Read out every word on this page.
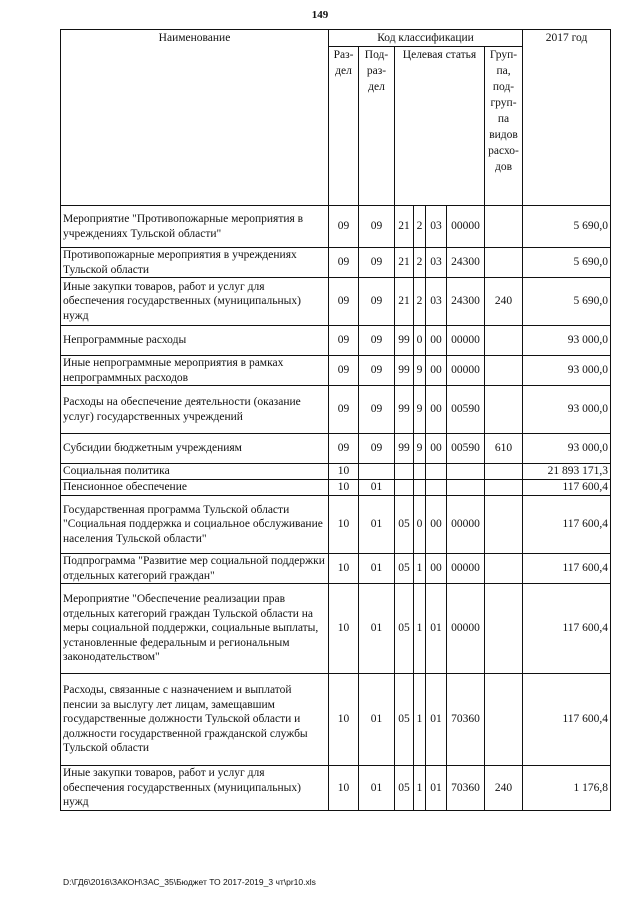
149
Наименование	Код классификации							2017 год
	Раз-дел	Под-раз-дел	Целевая статья				Груп-па, под-груп-па видов расхо-дов	
Мероприятие "Противопожарные мероприятия в учреждениях Тульской области"	09	09	21	2	03	00000		5 690,0
Противопожарные мероприятия в учреждениях Тульской области	09	09	21	2	03	24300		5 690,0
Иные закупки товаров, работ и услуг для обеспечения государственных (муниципальных) нужд	09	09	21	2	03	24300	240	5 690,0
Непрограммные расходы	09	09	99	0	00	00000		93 000,0
Иные непрограммные мероприятия в рамках непрограммных расходов	09	09	99	9	00	00000		93 000,0
Расходы на обеспечение деятельности (оказание услуг) государственных учреждений	09	09	99	9	00	00590		93 000,0
Субсидии бюджетным учреждениям	09	09	99	9	00	00590	610	93 000,0
Социальная политика	10							21 893 171,3
Пенсионное обеспечение	10	01						117 600,4
Государственная программа Тульской области "Социальная поддержка и социальное обслуживание населения Тульской области"	10	01	05	0	00	00000		117 600,4
Подпрограмма "Развитие мер социальной поддержки отдельных категорий граждан"	10	01	05	1	00	00000		117 600,4
Мероприятие "Обеспечение реализации прав отдельных категорий граждан Тульской области на меры социальной поддержки, социальные выплаты, установленные федеральным и региональным законодательством"	10	01	05	1	01	00000		117 600,4
Расходы, связанные с назначением и выплатой пенсии за выслугу лет лицам, замещавшим государственные должности Тульской области и должности государственной гражданской службы Тульской области	10	01	05	1	01	70360		117 600,4
Иные закупки товаров, работ и услуг для обеспечения государственных (муниципальных) нужд	10	01	05	1	01	70360	240	1 176,8
D:\ГД6\2016\ЗАКОН\ЗАС_35\Бюджет ТО 2017-2019_3 чт\pr10.xls
